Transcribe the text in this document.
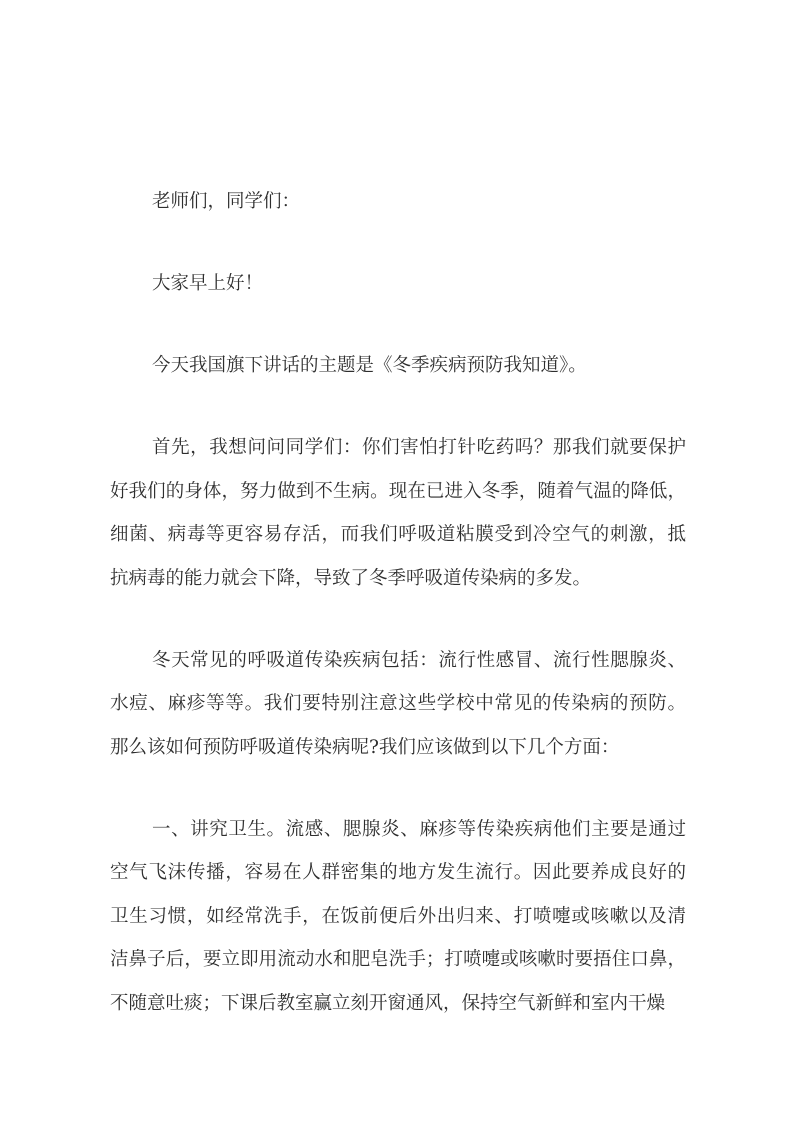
老师们，同学们：
大家早上好！
今天我国旗下讲话的主题是《冬季疾病预防我知道》。
首先，我想问问同学们：你们害怕打针吃药吗？那我们就要保护
好我们的身体，努力做到不生病。现在已进入冬季，随着气温的降低，
细菌、病毒等更容易存活，而我们呼吸道粘膜受到冷空气的刺激，抵
抗病毒的能力就会下降，导致了冬季呼吸道传染病的多发。
冬天常见的呼吸道传染疾病包括：流行性感冒、流行性腮腺炎、
水痘、麻疹等等。我们要特别注意这些学校中常见的传染病的预防。
那么该如何预防呼吸道传染病呢?我们应该做到以下几个方面：
一、讲究卫生。流感、腮腺炎、麻疹等传染疾病他们主要是通过
空气飞沫传播，容易在人群密集的地方发生流行。因此要养成良好的
卫生习惯，如经常洗手，在饭前便后外出归来、打喷嚏或咳嗽以及清
洁鼻子后，要立即用流动水和肥皂洗手；打喷嚏或咳嗽时要捂住口鼻，
不随意吐痰；下课后教室赢立刻开窗通风，保持空气新鲜和室内干燥
